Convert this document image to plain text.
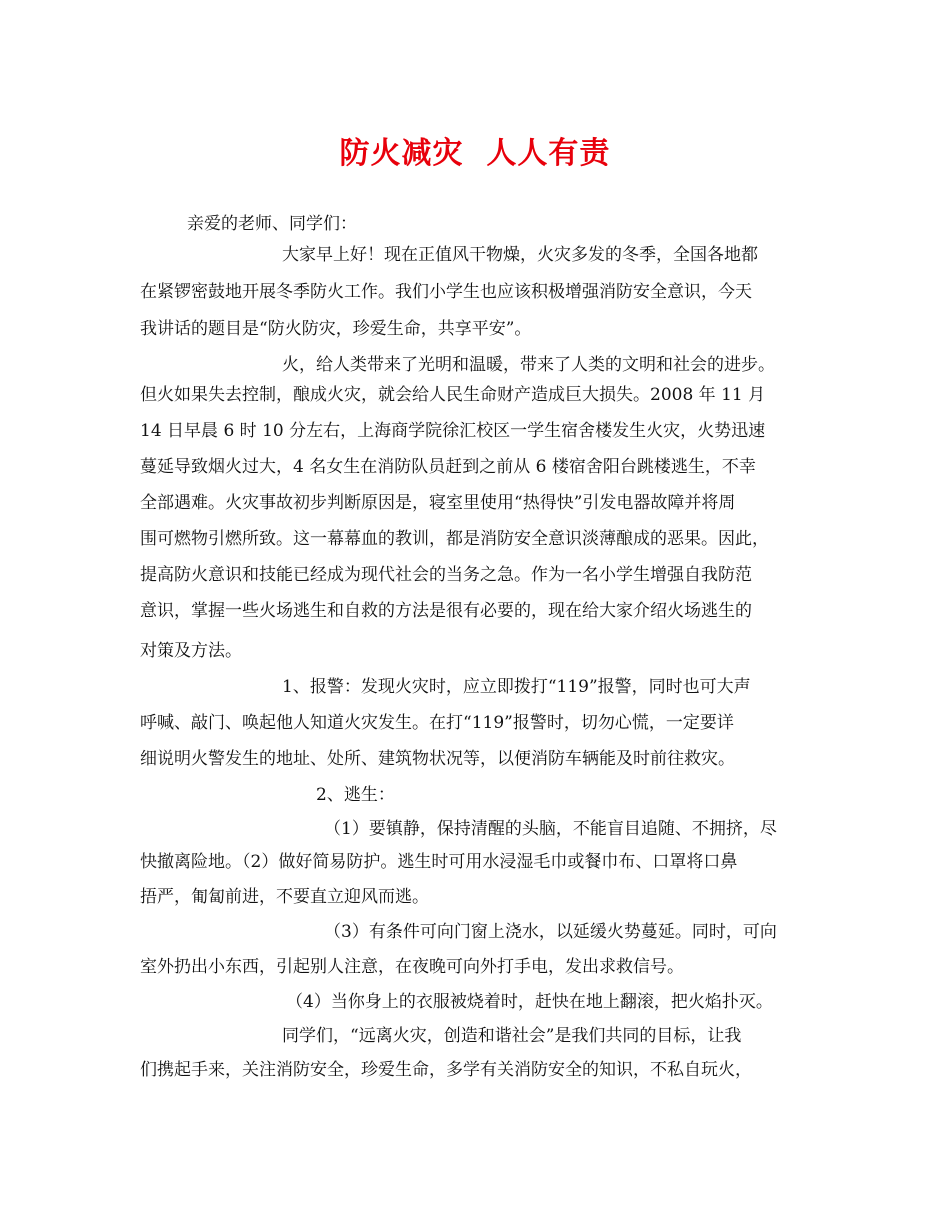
防火减灾  人人有责
亲爱的老师、同学们：
大家早上好！现在正值风干物燥，火灾多发的冬季，全国各地都
在紧锣密鼓地开展冬季防火工作。我们小学生也应该积极增强消防安全意识，今天
我讲话的题目是“防火防灾，珍爱生命，共享平安”。
火，给人类带来了光明和温暖，带来了人类的文明和社会的进步。
但火如果失去控制，酿成火灾，就会给人民生命财产造成巨大损失。2008 年 11 月
14 日早晨 6 时 10 分左右，上海商学院徐汇校区一学生宿舍楼发生火灾，火势迅速
蔓延导致烟火过大，4 名女生在消防队员赶到之前从 6 楼宿舍阳台跳楼逃生，不幸
全部遇难。火灾事故初步判断原因是，寝室里使用“热得快”引发电器故障并将周
围可燃物引燃所致。这一幕幕血的教训，都是消防安全意识淡薄酿成的恶果。因此，
提高防火意识和技能已经成为现代社会的当务之急。作为一名小学生增强自我防范
意识，掌握一些火场逃生和自救的方法是很有必要的，现在给大家介绍火场逃生的
对策及方法。
1、报警：发现火灾时，应立即拨打“119”报警，同时也可大声
呼喊、敲门、唤起他人知道火灾发生。在打“119”报警时，切勿心慌，一定要详
细说明火警发生的地址、处所、建筑物状况等，以便消防车辆能及时前往救灾。
2、逃生：
（1）要镇静，保持清醒的头脑，不能盲目追随、不拥挤，尽
快撤离险地。（2）做好简易防护。逃生时可用水浸湿毛巾或餐巾布、口罩将口鼻
捂严，匍匐前进，不要直立迎风而逃。
（3）有条件可向门窗上浇水，以延缓火势蔓延。同时，可向
室外扔出小东西，引起别人注意，在夜晚可向外打手电，发出求救信号。
（4）当你身上的衣服被烧着时，赶快在地上翻滚，把火焰扑灭。
同学们，“远离火灾，创造和谐社会”是我们共同的目标，让我
们携起手来，关注消防安全，珍爱生命，多学有关消防安全的知识，不私自玩火，
